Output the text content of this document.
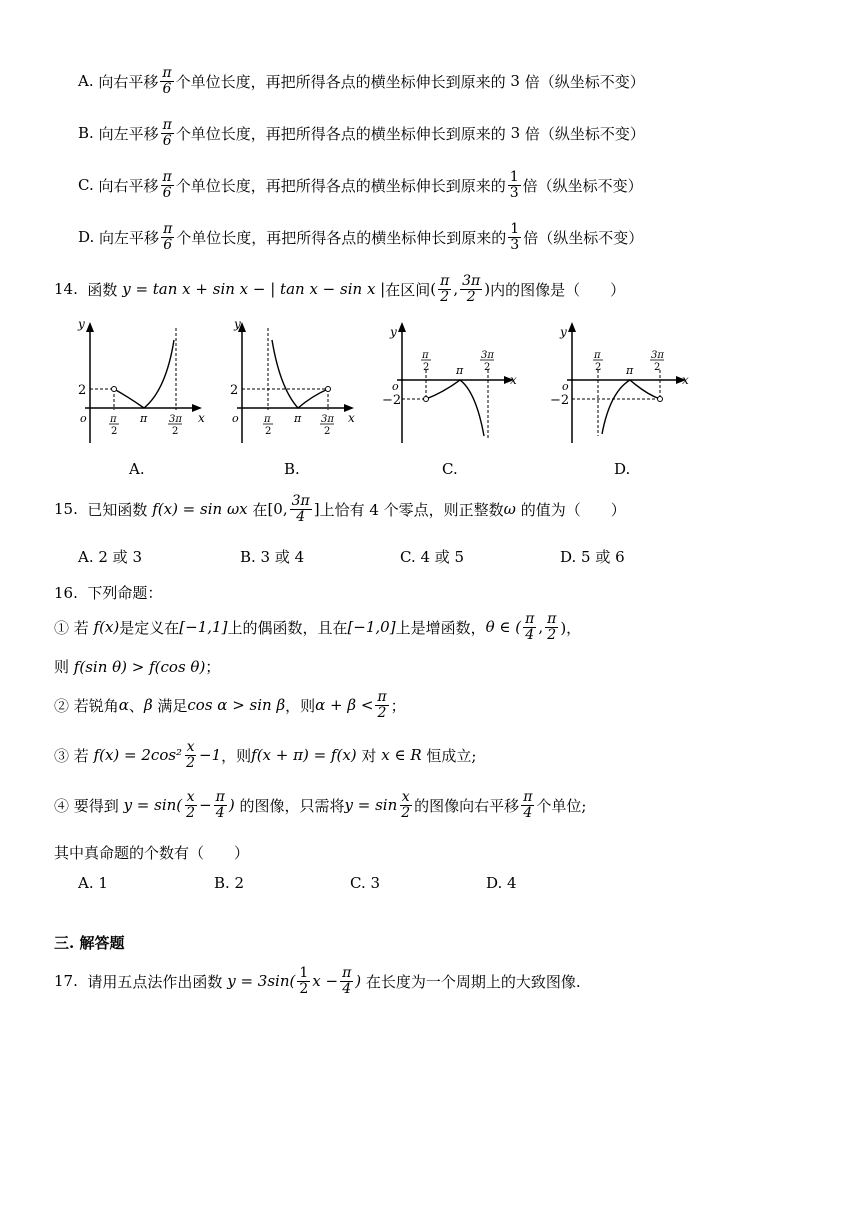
A.
向右平移 $\frac{\pi}{6}$ 个单位长度，再把所得各点的横坐标伸长到原来的
3
倍（纵坐标不变）
B.
向左平移 $\frac{\pi}{6}$ 个单位长度，再把所得各点的横坐标伸长到原来的
3
倍（纵坐标不变）
C.
向右平移 $\frac{\pi}{6}$ 个单位长度，再把所得各点的横坐标伸长到原来的 $\frac{1}{3}$ 倍（纵坐标不变）
D.
向左平移 $\frac{\pi}{6}$ 个单位长度，再把所得各点的横坐标伸长到原来的 $\frac{1}{3}$ 倍（纵坐标不变）
14.
函数
y = tan x + sin x − | tan x − sin x | 在区间 ( $\frac{\pi}{2}$ , $\frac{3\pi}{2}$ ) 内的图像是（　　）
y
x
o
2
π
2
π 3π
2
y
x
o
2
π
2
π 3π
2
y
x
o
−2
π
2 π
3π
2
y
x
o
−2
π
2 π
3π
2
A.	B.	C.	D.
15.
已知函数
f(x) = sin ωx
在 [0, $\frac{3\pi}{4}$ ] 上恰有 4 个零点，则正整数 ω
的值为（　　）
A. 2 或 3	B. 3 或 4	C. 4 或 5	D. 5 或 6
16.
下列命题：
① 若
f(x) 是定义在 [−1,1] 上的偶函数，且在 [−1,0] 上是增函数， θ ∈ ( $\frac{\pi}{4}$ , $\frac{\pi}{2}$ )，
则
f(sin θ) > f(cos θ) ；
② 若锐角 α 、 β
满足 cos α > sin β ，则 $\alpha + \beta < \frac{\pi}{2}$ ；
③ 若
$f(x) = 2\cos^2 \frac{x}{2} -1$ ，则 f(x + π) = f(x)
对
x ∈ R
恒成立;
④ 要得到
$y = \sin( \frac{x}{2} - \frac{\pi}{4}$ )
的图像，只需将 $y = \sin \frac{x}{2}$ 的图像向右平移 $\frac{\pi}{4}$ 个单位;
其中真命题的个数有（　　）
A. 1	B. 2	C. 3	D. 4
三. 解答题
17.
请用五点法作出函数
$y = 3\sin( \frac{1}{2}$ $x - \frac{\pi}{4}$ )
在长度为一个周期上的大致图像.
